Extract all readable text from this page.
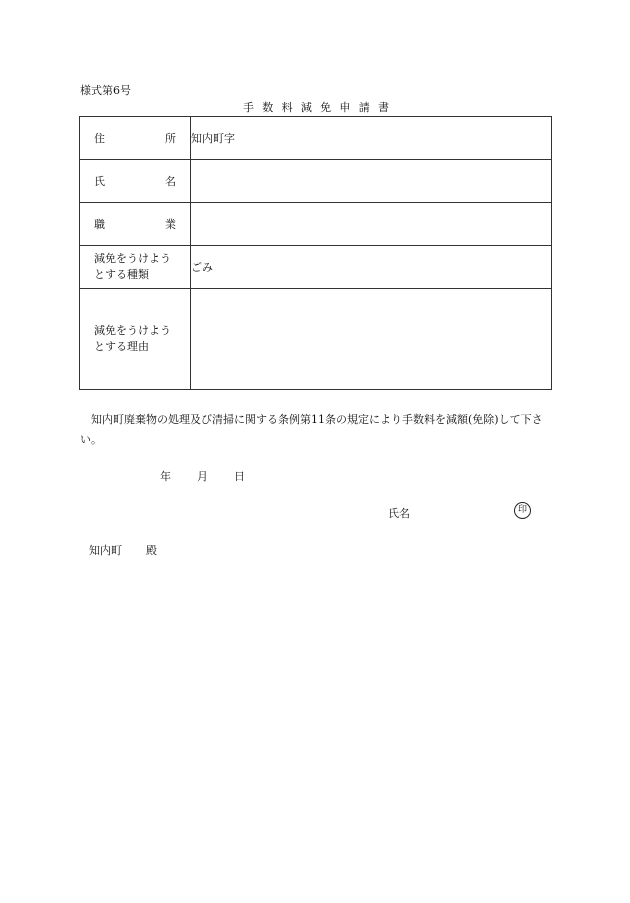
様式第6号
手 数 料 減 免 申 請 書
住 所	知内町字

氏 名	

職 業	

減免をうけよう
とする種類	ごみ

減免をうけよう
とする理由	

知内町廃棄物の処理及び清掃に関する条例第11条の規定により手数料を減額(免除)して下さい。
年 月 日
氏名	印
知内町 殿
